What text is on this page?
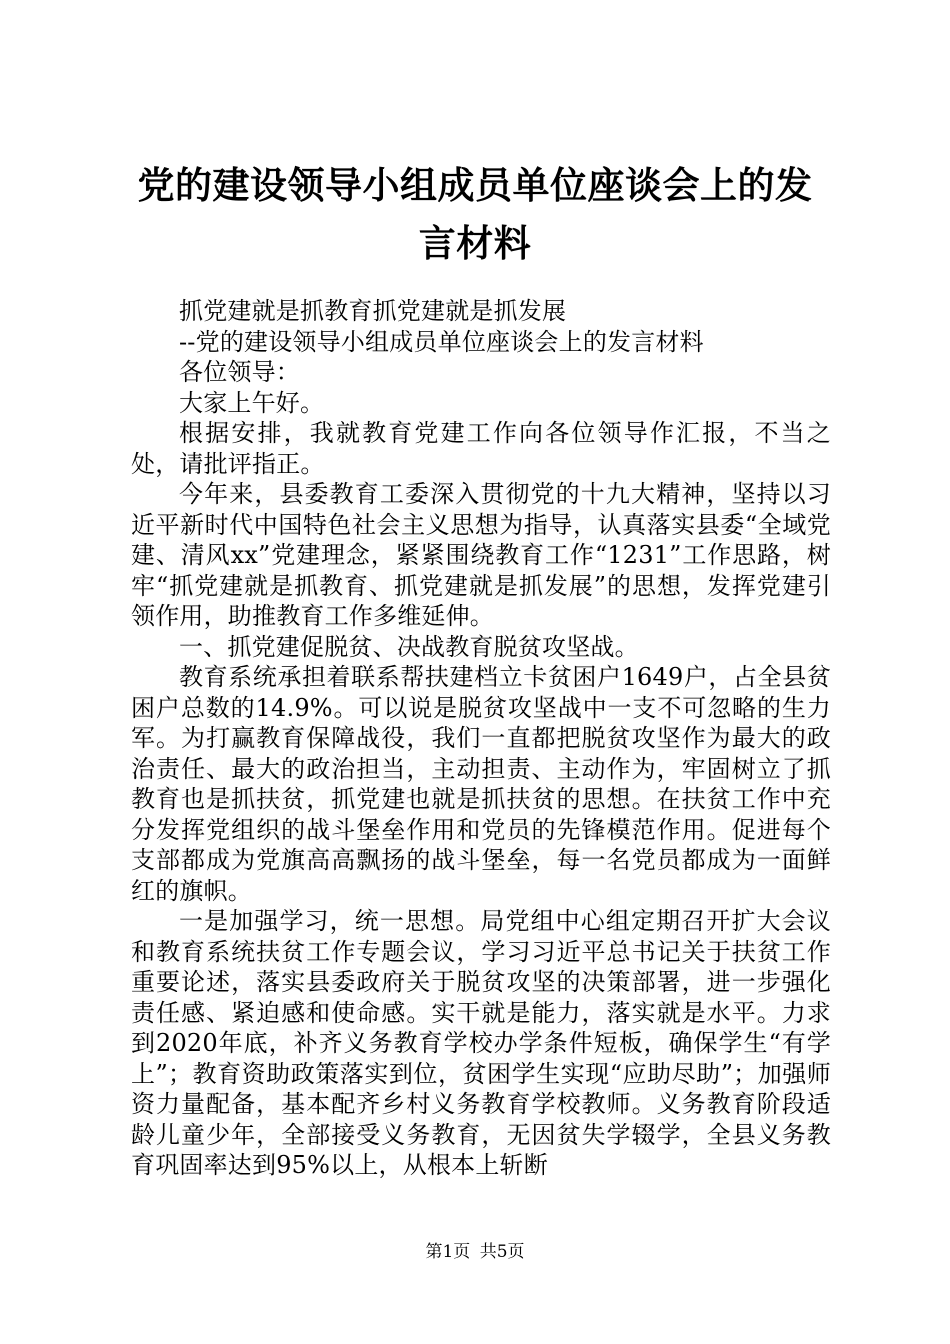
党的建设领导小组成员单位座谈会上的发言材料

抓党建就是抓教育抓党建就是抓发展

--党的建设领导小组成员单位座谈会上的发言材料

各位领导：

大家上午好。

根据安排，我就教育党建工作向各位领导作汇报，不当之处，请批评指正。

今年来，县委教育工委深入贯彻党的十九大精神，坚持以习近平新时代中国特色社会主义思想为指导，认真落实县委“全域党建、清风xx”党建理念，紧紧围绕教育工作“1231”工作思路，树牢“抓党建就是抓教育、抓党建就是抓发展”的思想，发挥党建引领作用，助推教育工作多维延伸。

一、抓党建促脱贫、决战教育脱贫攻坚战。

教育系统承担着联系帮扶建档立卡贫困户1649户，占全县贫困户总数的14.9%。可以说是脱贫攻坚战中一支不可忽略的生力军。为打赢教育保障战役，我们一直都把脱贫攻坚作为最大的政治责任、最大的政治担当，主动担责、主动作为，牢固树立了抓教育也是抓扶贫，抓党建也就是抓扶贫的思想。在扶贫工作中充分发挥党组织的战斗堡垒作用和党员的先锋模范作用。促进每个支部都成为党旗高高飘扬的战斗堡垒，每一名党员都成为一面鲜红的旗帜。

一是加强学习，统一思想。局党组中心组定期召开扩大会议和教育系统扶贫工作专题会议，学习习近平总书记关于扶贫工作重要论述，落实县委政府关于脱贫攻坚的决策部署，进一步强化责任感、紧迫感和使命感。实干就是能力，落实就是水平。力求到2020年底，补齐义务教育学校办学条件短板，确保学生“有学上”；教育资助政策落实到位，贫困学生实现“应助尽助”；加强师资力量配备，基本配齐乡村义务教育学校教师。义务教育阶段适龄儿童少年，全部接受义务教育，无因贫失学辍学，全县义务教育巩固率达到95%以上，从根本上斩断

第1页 共5页
